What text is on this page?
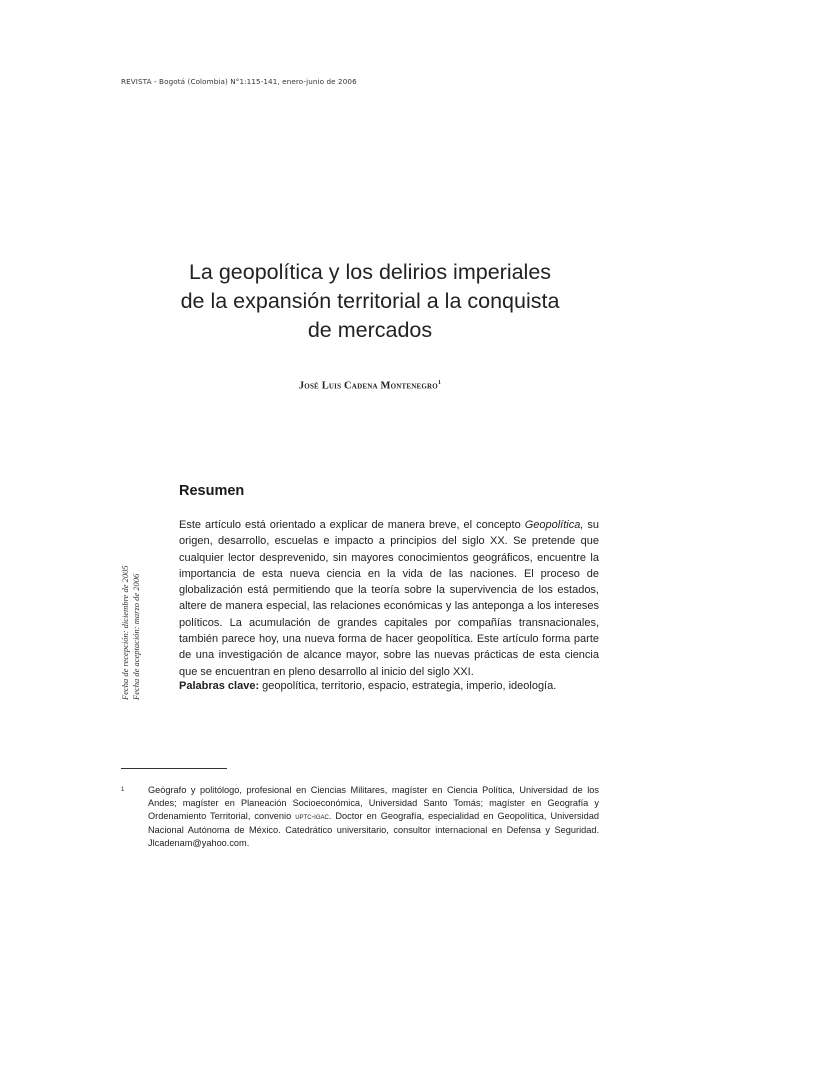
REVISTA - Bogotá (Colombia) N°1:115-141, enero-junio de 2006
La geopolítica y los delirios imperiales
de la expansión territorial a la conquista
de mercados
José Luis Cadena Montenegro$^1$
Resumen
Este artículo está orientado a explicar de manera breve, el concepto Geopolítica, su origen, desarrollo, escuelas e impacto a principios del siglo XX. Se pretende que cualquier lector desprevenido, sin mayores conocimientos geográficos, encuentre la importancia de esta nueva ciencia en la vida de las naciones. El proceso de globalización está permitiendo que la teoría sobre la supervivencia de los estados, altere de manera especial, las relaciones económicas y las anteponga a los intereses políticos. La acumulación de grandes capitales por compañías transnacionales, también parece hoy, una nueva forma de hacer geopolítica. Este artículo forma parte de una investigación de alcance mayor, sobre las nuevas prácticas de esta ciencia que se encuentran en pleno desarrollo al inicio del siglo XXI.
Palabras clave: geopolítica, territorio, espacio, estrategia, imperio, ideología.
Fecha de recepción: diciembre de 2005 Fecha de aceptación: marzo de 2006
1	Geógrafo y politólogo, profesional en Ciencias Militares, magíster en Ciencia Política, Universidad de los Andes; magíster en Planeación Socioeconómica, Universidad Santo Tomás; magíster en Geografía y Ordenamiento Territorial, convenio uptc-igac. Doctor en Geografía, especialidad en Geopolítica, Universidad Nacional Autónoma de México. Catedrático universitario, consultor internacional en Defensa y Seguridad. Jlcadenam@yahoo.com.
